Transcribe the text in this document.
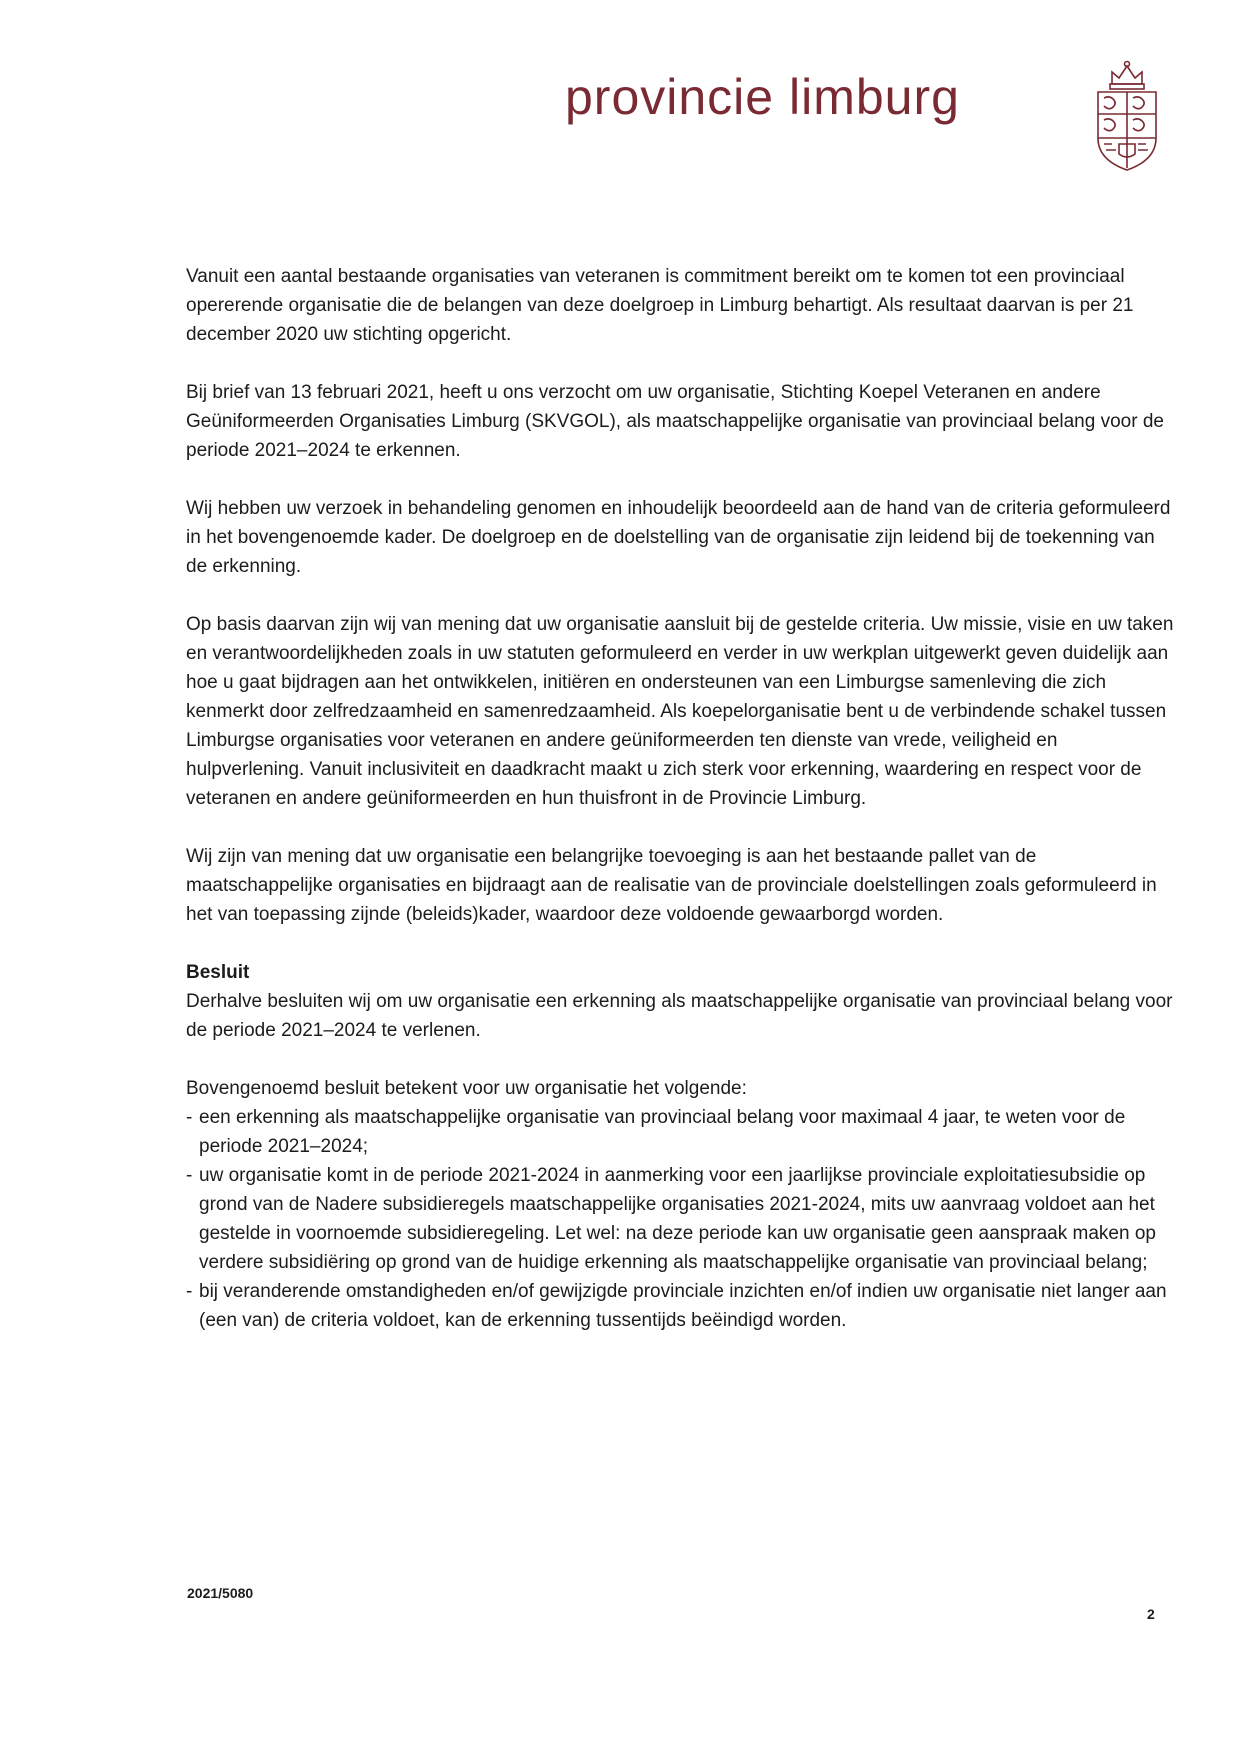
provincie limburg

Vanuit een aantal bestaande organisaties van veteranen is commitment bereikt om te komen tot een provinciaal opererende organisatie die de belangen van deze doelgroep in Limburg behartigt. Als resultaat daarvan is per 21 december 2020 uw stichting opgericht.

Bij brief van 13 februari 2021, heeft u ons verzocht om uw organisatie, Stichting Koepel Veteranen en andere Geüniformeerden Organisaties Limburg (SKVGOL), als maatschappelijke organisatie van provinciaal belang voor de periode 2021–2024 te erkennen.

Wij hebben uw verzoek in behandeling genomen en inhoudelijk beoordeeld aan de hand van de criteria geformuleerd in het bovengenoemde kader. De doelgroep en de doelstelling van de organisatie zijn leidend bij de toekenning van de erkenning.

Op basis daarvan zijn wij van mening dat uw organisatie aansluit bij de gestelde criteria. Uw missie, visie en uw taken en verantwoordelijkheden zoals in uw statuten geformuleerd en verder in uw werkplan uitgewerkt geven duidelijk aan hoe u gaat bijdragen aan het ontwikkelen, initiëren en ondersteunen van een Limburgse samenleving die zich kenmerkt door zelfredzaamheid en samenredzaamheid. Als koepelorganisatie bent u de verbindende schakel tussen Limburgse organisaties voor veteranen en andere geüniformeerden ten dienste van vrede, veiligheid en hulpverlening. Vanuit inclusiviteit en daadkracht maakt u zich sterk voor erkenning, waardering en respect voor de veteranen en andere geüniformeerden en hun thuisfront in de Provincie Limburg.

Wij zijn van mening dat uw organisatie een belangrijke toevoeging is aan het bestaande pallet van de maatschappelijke organisaties en bijdraagt aan de realisatie van de provinciale doelstellingen zoals geformuleerd in het van toepassing zijnde (beleids)kader, waardoor deze voldoende gewaarborgd worden.

Besluit

Derhalve besluiten wij om uw organisatie een erkenning als maatschappelijke organisatie van provinciaal belang voor de periode 2021–2024 te verlenen.

Bovengenoemd besluit betekent voor uw organisatie het volgende:
- een erkenning als maatschappelijke organisatie van provinciaal belang voor maximaal 4 jaar, te weten voor de periode 2021–2024;
- uw organisatie komt in de periode 2021-2024 in aanmerking voor een jaarlijkse provinciale exploitatiesubsidie op grond van de Nadere subsidieregels maatschappelijke organisaties 2021-2024, mits uw aanvraag voldoet aan het gestelde in voornoemde subsidieregeling. Let wel: na deze periode kan uw organisatie geen aanspraak maken op verdere subsidiëring op grond van de huidige erkenning als maatschappelijke organisatie van provinciaal belang;
- bij veranderende omstandigheden en/of gewijzigde provinciale inzichten en/of indien uw organisatie niet langer aan (een van) de criteria voldoet, kan de erkenning tussentijds beëindigd worden.
2021/5080
2
